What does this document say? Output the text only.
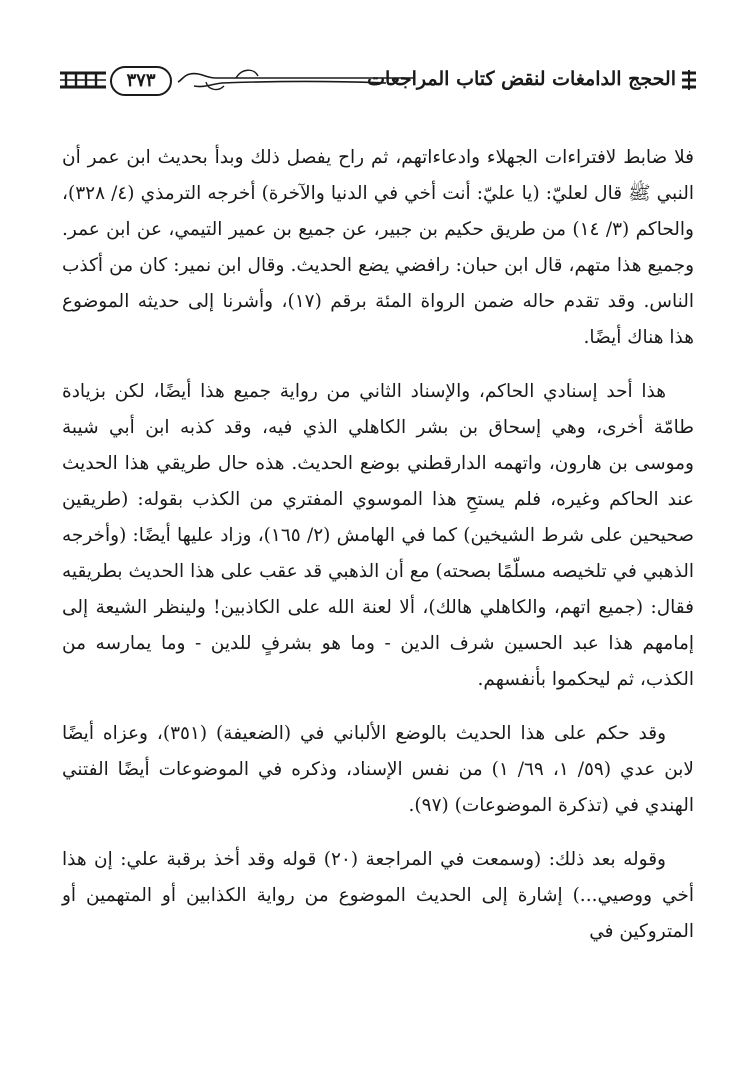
الحجج الدامغات لنقض كتاب المراجعات
٣٧٣

فلا ضابط لافتراءات الجهلاء وادعاءاتهم، ثم راح يفصل ذلك وبدأ بحديث ابن عمر أن النبي ﷺ قال لعليّ: (يا عليّ: أنت أخي في الدنيا والآخرة) أخرجه الترمذي (٤/ ٣٢٨)، والحاكم (٣/ ١٤) من طريق حكيم بن جبير، عن جميع بن عمير التيمي، عن ابن عمر. وجميع هذا متهم، قال ابن حبان: رافضي يضع الحديث. وقال ابن نمير: كان من أكذب الناس. وقد تقدم حاله ضمن الرواة المئة برقم (١٧)، وأشرنا إلى حديثه الموضوع هذا هناك أيضًا.

هذا أحد إسنادي الحاكم، والإسناد الثاني من رواية جميع هذا أيضًا، لكن بزيادة طامّة أخرى، وهي إسحاق بن بشر الكاهلي الذي فيه، وقد كذبه ابن أبي شيبة وموسى بن هارون، واتهمه الدارقطني بوضع الحديث. هذه حال طريقي هذا الحديث عند الحاكم وغيره، فلم يستحِ هذا الموسوي المفتري من الكذب بقوله: (طريقين صحيحين على شرط الشيخين) كما في الهامش (٢/ ١٦٥)، وزاد عليها أيضًا: (وأخرجه الذهبي في تلخيصه مسلّمًا بصحته) مع أن الذهبي قد عقب على هذا الحديث بطريقيه فقال: (جميع اتهم، والكاهلي هالك)، ألا لعنة الله على الكاذبين! ولينظر الشيعة إلى إمامهم هذا عبد الحسين شرف الدين - وما هو بشرفٍ للدين - وما يمارسه من الكذب، ثم ليحكموا بأنفسهم.

وقد حكم على هذا الحديث بالوضع الألباني في (الضعيفة) (٣٥١)، وعزاه أيضًا لابن عدي (٥٩/ ١، ٦٩/ ١) من نفس الإسناد، وذكره في الموضوعات أيضًا الفتني الهندي في (تذكرة الموضوعات) (٩٧).

وقوله بعد ذلك: (وسمعت في المراجعة (٢٠) قوله وقد أخذ برقبة علي: إن هذا أخي ووصيي...) إشارة إلى الحديث الموضوع من رواية الكذابين أو المتهمين أو المتروكين في
